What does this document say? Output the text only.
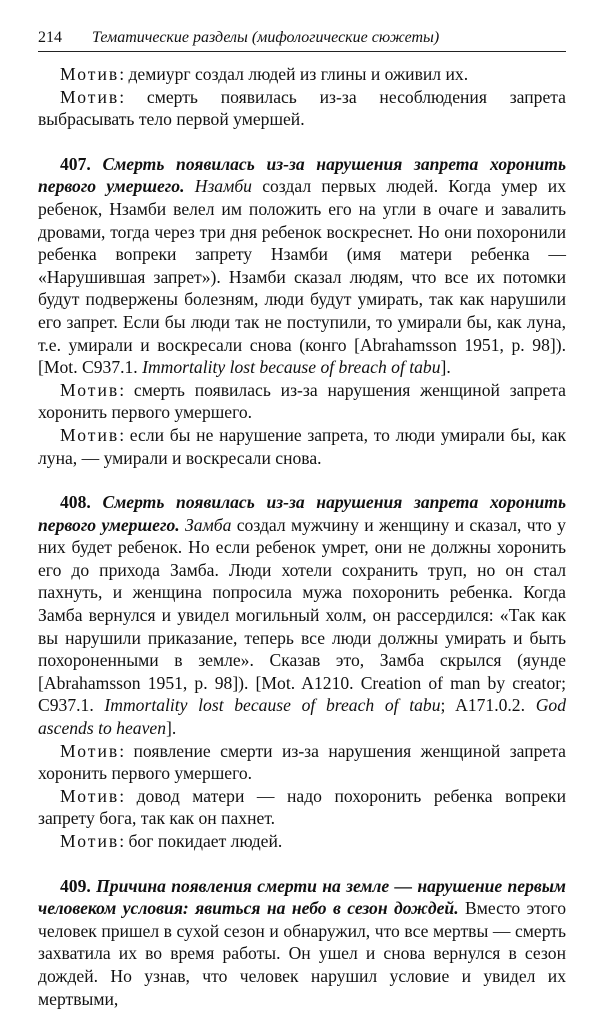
214 Тематические разделы (мифологические сюжеты)

Мотив: демиург создал людей из глины и оживил их.

Мотив: смерть появилась из-за несоблюдения запрета выбрасывать тело первой умершей.

407. Смерть появилась из-за нарушения запрета хоронить первого умершего. Нзамби создал первых людей. Когда умер их ребенок, Нзамби велел им положить его на угли в очаге и завалить дровами, тогда через три дня ребенок воскреснет. Но они похоронили ребенка вопреки запрету Нзамби (имя матери ребенка — «Нарушившая запрет»). Нзамби сказал людям, что все их потомки будут подвержены болезням, люди будут умирать, так как нарушили его запрет. Если бы люди так не поступили, то умирали бы, как луна, т.е. умирали и воскресали снова (конго [Abrahamsson 1951, p. 98]). [Mot. C937.1. Immortality lost because of breach of tabu].

Мотив: смерть появилась из-за нарушения женщиной запрета хоронить первого умершего.

Мотив: если бы не нарушение запрета, то люди умирали бы, как луна, — умирали и воскресали снова.

408. Смерть появилась из-за нарушения запрета хоронить первого умершего. Замба создал мужчину и женщину и сказал, что у них будет ребенок. Но если ребенок умрет, они не должны хоронить его до прихода Замба. Люди хотели сохранить труп, но он стал пахнуть, и женщина попросила мужа похоронить ребенка. Когда Замба вернулся и увидел могильный холм, он рассердился: «Так как вы нарушили приказание, теперь все люди должны умирать и быть похороненными в земле». Сказав это, Замба скрылся (яунде [Abrahamsson 1951, p. 98]). [Mot. A1210. Creation of man by creator; C937.1. Immortality lost because of breach of tabu; A171.0.2. God ascends to heaven].

Мотив: появление смерти из-за нарушения женщиной запрета хоронить первого умершего.

Мотив: довод матери — надо похоронить ребенка вопреки запрету бога, так как он пахнет.

Мотив: бог покидает людей.

409. Причина появления смерти на земле — нарушение первым человеком условия: явиться на небо в сезон дождей. Вместо этого человек пришел в сухой сезон и обнаружил, что все мертвы — смерть захватила их во время работы. Он ушел и снова вернулся в сезон дождей. Но узнав, что человек нарушил условие и увидел их мертвыми,
